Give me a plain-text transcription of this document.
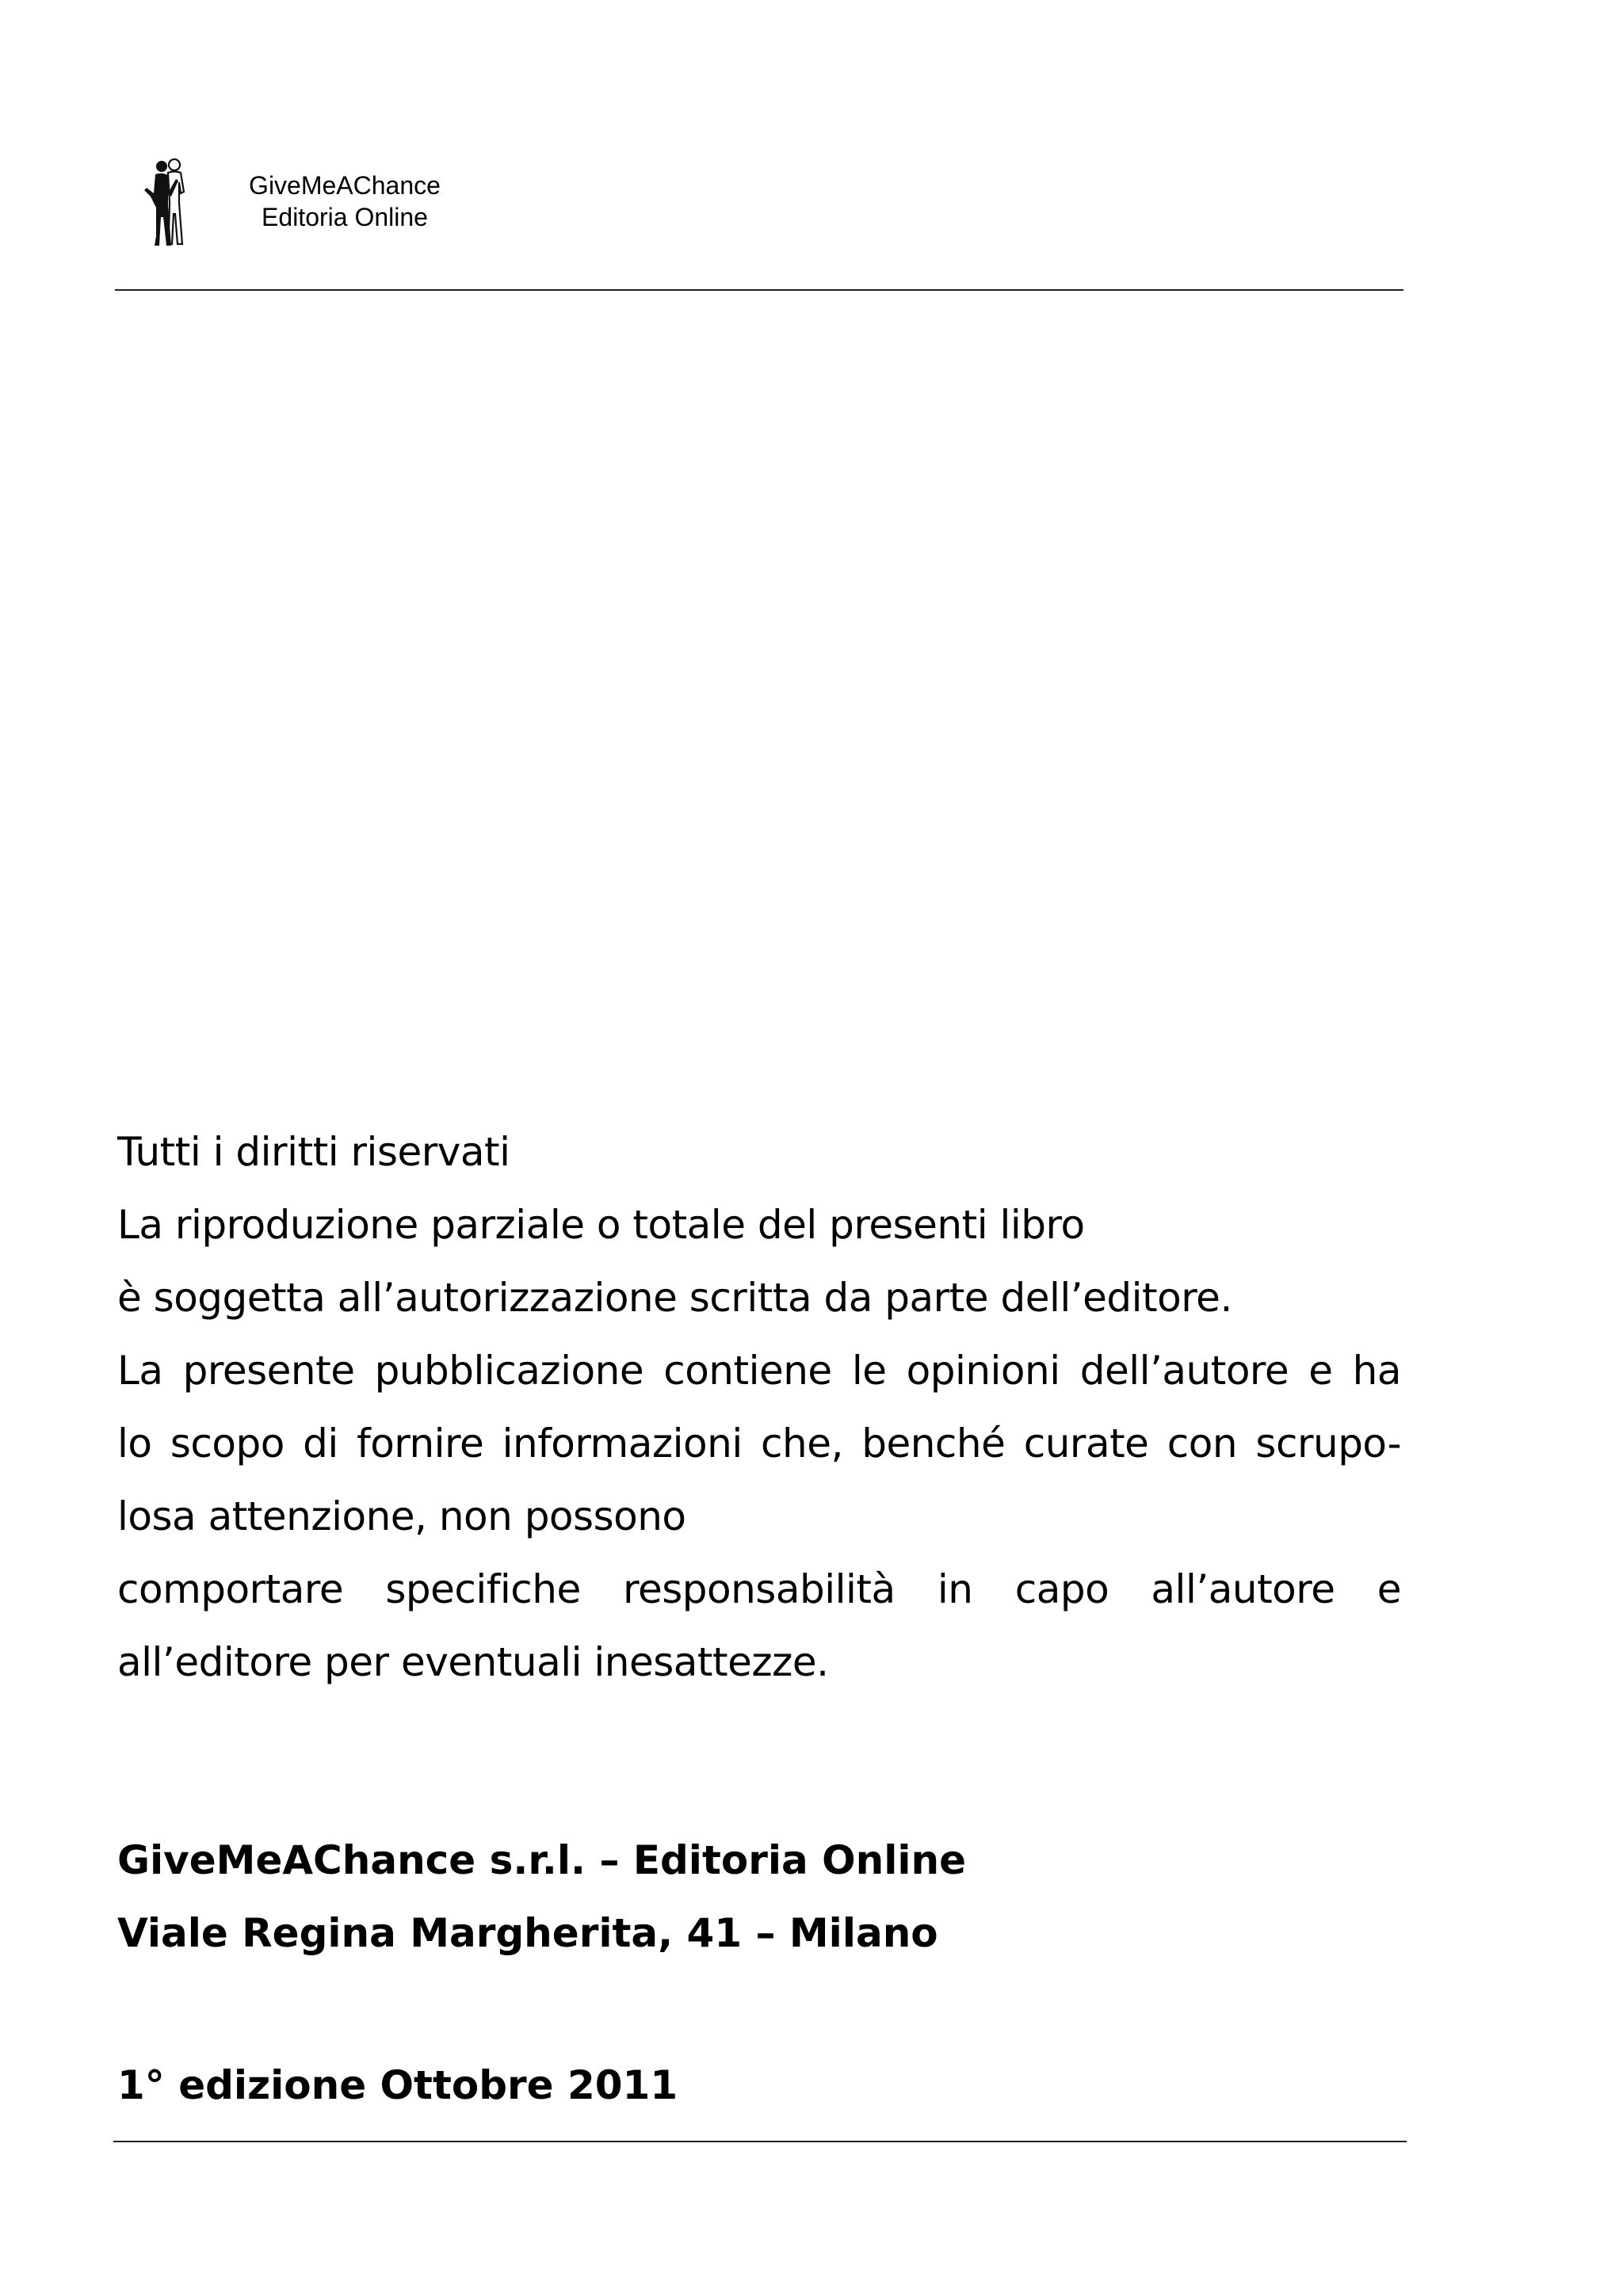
GiveMeAChance
Editoria Online
Tutti i diritti riservati
La riproduzione parziale o totale del presenti libro
è soggetta all’autorizzazione scritta da parte dell’editore.
La presente pubblicazione contiene le opinioni dell’autore e ha
lo scopo di fornire informazioni che, benché curate con scrupo-
losa attenzione, non possono
comportare specifiche responsabilità in capo all’autore e
all’editore per eventuali inesattezze.
GiveMeAChance s.r.l. – Editoria Online
Viale Regina Margherita, 41 – Milano
1° edizione Ottobre 2011
